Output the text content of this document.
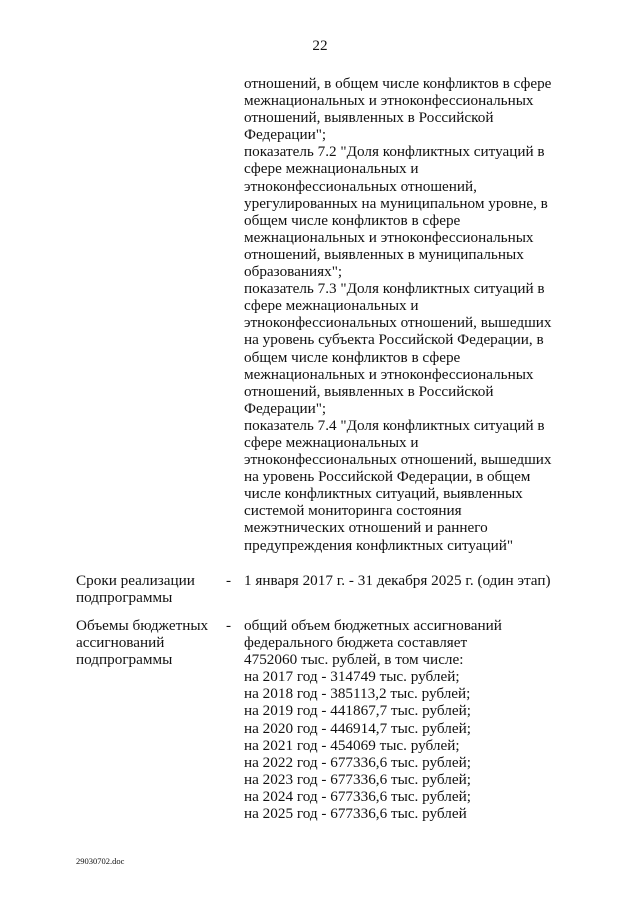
22
отношений, в общем числе конфликтов в сфере
межнациональных и этноконфессиональных
отношений, выявленных в Российской
Федерации";
показатель 7.2 "Доля конфликтных ситуаций в
сфере межнациональных и
этноконфессиональных отношений,
урегулированных на муниципальном уровне, в
общем числе конфликтов в сфере
межнациональных и этноконфессиональных
отношений, выявленных в муниципальных
образованиях";
показатель 7.3 "Доля конфликтных ситуаций в
сфере межнациональных и
этноконфессиональных отношений, вышедших
на уровень субъекта Российской Федерации, в
общем числе конфликтов в сфере
межнациональных и этноконфессиональных
отношений, выявленных в Российской
Федерации";
показатель 7.4 "Доля конфликтных ситуаций в
сфере межнациональных и
этноконфессиональных отношений, вышедших
на уровень Российской Федерации, в общем
числе конфликтных ситуаций, выявленных
системой мониторинга состояния
межэтнических отношений и раннего
предупреждения конфликтных ситуаций"
Сроки реализации
подпрограммы
- 1 января 2017 г. - 31 декабря 2025 г. (один этап)
Объемы бюджетных
ассигнований
подпрограммы
- общий объем бюджетных ассигнований
федерального бюджета составляет
4752060 тыс. рублей, в том числе:
на 2017 год - 314749 тыс. рублей;
на 2018 год - 385113,2 тыс. рублей;
на 2019 год - 441867,7 тыс. рублей;
на 2020 год - 446914,7 тыс. рублей;
на 2021 год - 454069 тыс. рублей;
на 2022 год - 677336,6 тыс. рублей;
на 2023 год - 677336,6 тыс. рублей;
на 2024 год - 677336,6 тыс. рублей;
на 2025 год - 677336,6 тыс. рублей
29030702.doc
